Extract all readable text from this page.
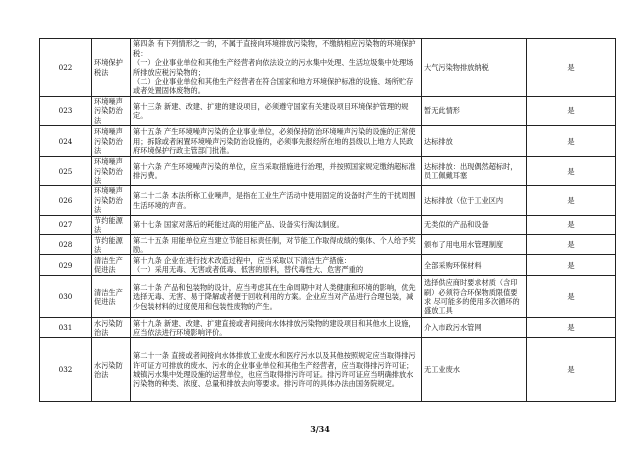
022	环境保护税法	第四条 有下列情形之一的，不属于直接向环境排放污染物，不缴纳相应污染物的环境保护税：
（一）企业事业单位和其他生产经营者向依法设立的污水集中处理、生活垃圾集中处理场所排放应税污染物的；
（二）企业事业单位和其他生产经营者在符合国家和地方环境保护标准的设施、场所贮存或者处置固体废物的。	大气污染物排放纳税	是
023	环境噪声污染防治法	第十三条 新建、改建、扩建的建设项目，必须遵守国家有关建设项目环境保护管理的规定。	暂无此情形	是
024	环境噪声污染防治法	第十五条 产生环境噪声污染的企业事业单位，必须保持防治环境噪声污染的设施的正常使用；拆除或者闲置环境噪声污染防治设施的，必须事先报经所在地的县级以上地方人民政府环境保护行政主管部门批准。	达标排放	是
025	环境噪声污染防治法	第十六条 产生环境噪声污染的单位，应当采取措施进行治理，并按照国家规定缴纳超标准排污费。	达标排放：出现偶然超标时，员工佩戴耳塞	是
026	环境噪声污染防治法	第二十二条 本法所称工业噪声，是指在工业生产活动中使用固定的设备时产生的干扰周围生活环境的声音。	达标排放（位于工业区内	是
027	节约能源法	第十七条 国家对落后的耗能过高的用能产品、设备实行淘汰制度。	无类似的产品和设备	是
028	节约能源法	第二十五条 用能单位应当建立节能目标责任制，对节能工作取得成绩的集体、个人给予奖励。	颁布了用电用水管理制度	是
029	清洁生产促进法	第十九条 企业在进行技术改造过程中，应当采取以下清洁生产措施：
（一）采用无毒、无害或者低毒、低害的原料，替代毒性大、危害严重的	全部采购环保材料	是
030	清洁生产促进法	第二十条 产品和包装物的设计，应当考虑其在生命周期中对人类健康和环境的影响，优先选择无毒、无害、易于降解或者便于回收利用的方案。企业应当对产品进行合理包装，减少包装材料的过度使用和包装性废物的产生。	选择供应商时要求材质（含印刷）必须符合环保物质限值要求 尽可能多的使用多次循环的盛放工具	是
031	水污染防治法	第十九条 新建、改建、扩建直接或者间接向水体排放污染物的建设项目和其他水上设施，应当依法进行环境影响评价。	介入市政污水管网	是
032	水污染防治法	第二十一条 直接或者间接向水体排放工业废水和医疗污水以及其他按照规定应当取得排污许可证方可排放的废水、污水的企业事业单位和其他生产经营者，应当取得排污许可证；城镇污水集中处理设施的运营单位，也应当取得排污许可证。排污许可证应当明确排放水污染物的种类、浓度、总量和排放去向等要求。排污许可的具体办法由国务院规定。	无工业废水	是
3/34
